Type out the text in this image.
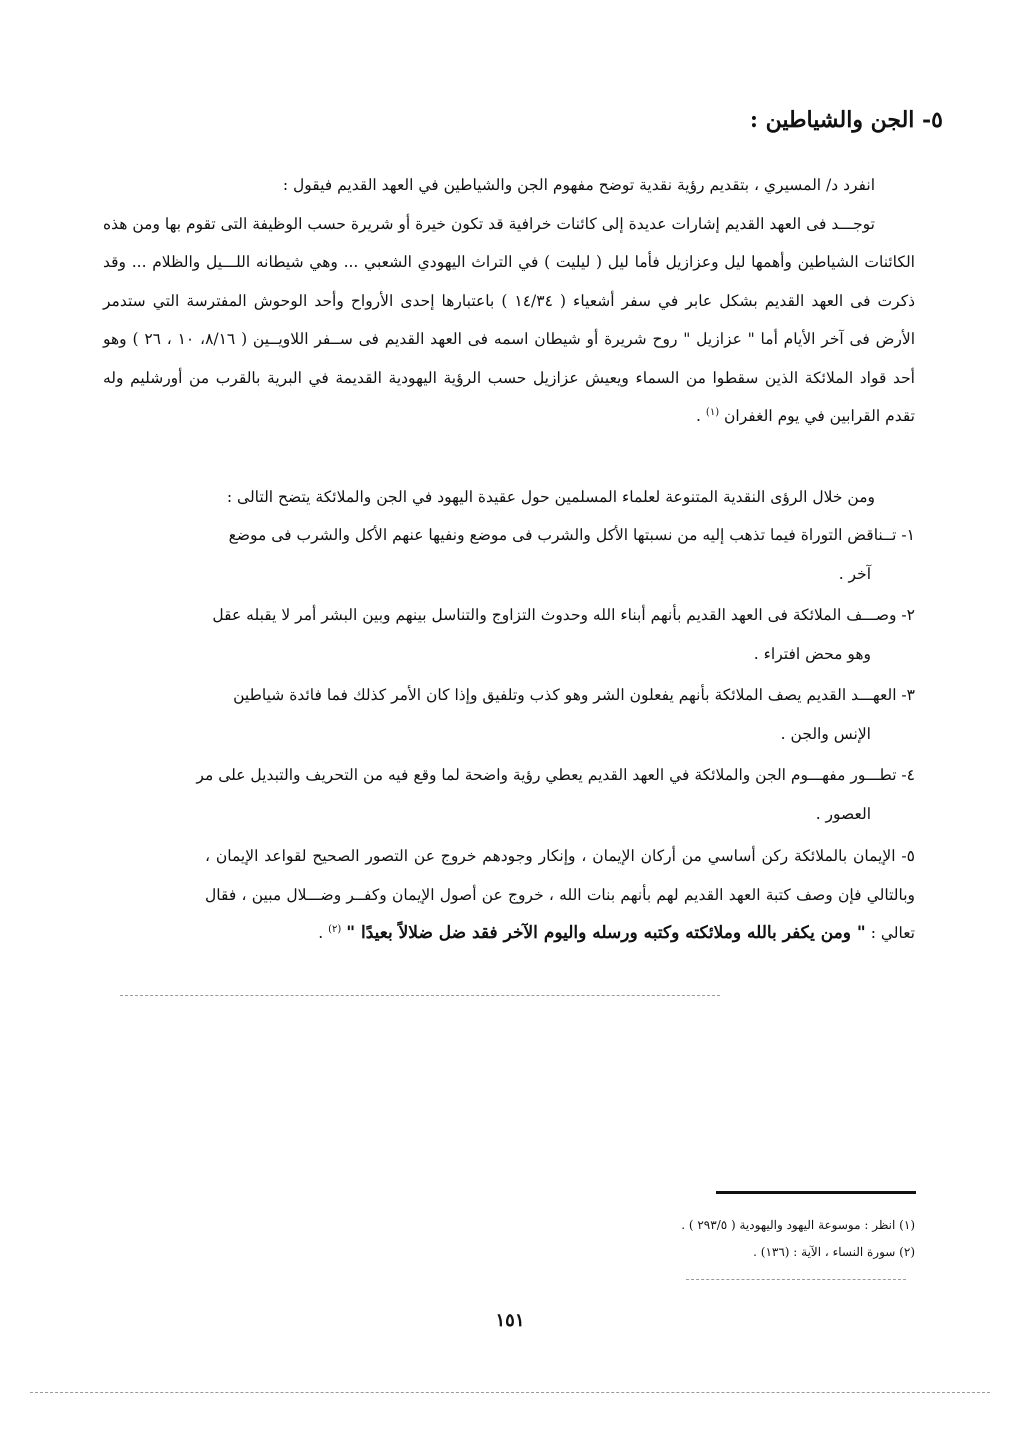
٥- الجن والشياطين :

انفرد د/ المسيري ، بتقديم رؤية نقدية توضح مفهوم الجن والشياطين في العهد القديم فيقول :

توجـــد فى العهد القديم إشارات عديدة إلى كائنات خرافية قد تكون خيرة أو شريرة حسب الوظيفة التى تقوم بها ومن هذه الكائنات الشياطين وأهمها ليل وعزازيل فأما ليل ( ليليت ) في التراث اليهودي الشعبي ... وهي شيطانه اللـــيل والظلام ... وقد ذكرت فى العهد القديم بشكل عابر في سفر أشعياء ( ١٤/٣٤ ) باعتبارها إحدى الأرواح وأحد الوحوش المفترسة التي ستدمر الأرض فى آخر الأيام أما " عزازيل " روح شريرة أو شيطان اسمه فى العهد القديم فى ســفر اللاويــين ( ٨/١٦، ١٠ ، ٢٦ ) وهو أحد قواد الملائكة الذين سقطوا من السماء ويعيش عزازيل حسب الرؤية اليهودية القديمة في البرية بالقرب من أورشليم وله تقدم القرابين في يوم الغفران $^{(١)}$ .

ومن خلال الرؤى النقدية المتنوعة لعلماء المسلمين حول عقيدة اليهود في الجن والملائكة يتضح التالى :

١- تــناقض التوراة فيما تذهب إليه من نسبتها الأكل والشرب فى موضع ونفيها عنهم الأكل والشرب فى موضع
آخر .
٢- وصـــف الملائكة فى العهد القديم بأنهم أبناء الله وحدوث التزاوج والتناسل بينهم وبين البشر أمر لا يقبله عقل
وهو محض افتراء .
٣- العهـــد القديم يصف الملائكة بأنهم يفعلون الشر وهو كذب وتلفيق وإذا كان الأمر كذلك فما فائدة شياطين
الإنس والجن .
٤- تطـــور مفهـــوم الجن والملائكة في العهد القديم يعطي رؤية واضحة لما وقع فيه من التحريف والتبديل على مر
العصور .

٥- الإيمان بالملائكة ركن أساسي من أركان الإيمان ، وإنكار وجودهم خروج عن التصور الصحيح لقواعد الإيمان ، وبالتالي فإن وصف كتبة العهد القديم لهم بأنهم بنات الله ، خروج عن أصول الإيمان وكفــر وضـــلال مبين ، فقال تعالي : " ومن يكفر بالله وملائكته وكتبه ورسله واليوم الآخر فقد ضل ضلالاً بعيدًا " $^{(٢)}$ .

(١) انظر : موسوعة اليهود واليهودية ( ٢٩٣/٥ ) .
(٢) سورة النساء ، الآية : (١٣٦) .
١٥١
